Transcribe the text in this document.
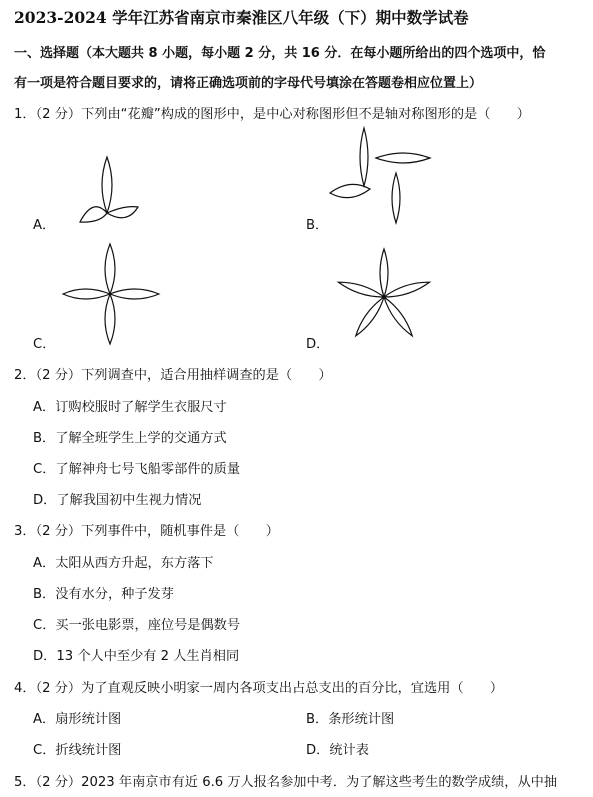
2023-2024 学年江苏省南京市秦淮区八年级（下）期中数学试卷
一、选择题（本大题共 8 小题，每小题 2 分，共 16 分．在每小题所给出的四个选项中，恰
有一项是符合题目要求的，请将正确选项前的字母代号填涂在答题卷相应位置上）
1．（2 分）下列由“花瓣”构成的图形中，是中心对称图形但不是轴对称图形的是（　　）
A．	B．
C．	D．
2．（2 分）下列调查中，适合用抽样调查的是（　　）
A．订购校服时了解学生衣服尺寸
B．了解全班学生上学的交通方式
C．了解神舟七号飞船零部件的质量
D．了解我国初中生视力情况
3．（2 分）下列事件中，随机事件是（　　）
A．太阳从西方升起，东方落下
B．没有水分，种子发芽
C．买一张电影票，座位号是偶数号
D．13 个人中至少有 2 人生肖相同
4．（2 分）为了直观反映小明家一周内各项支出占总支出的百分比，宜选用（　　）
A．扇形统计图	B．条形统计图
C．折线统计图	D．统计表
5．（2 分）2023 年南京市有近 6.6 万人报名参加中考．为了解这些考生的数学成绩，从中抽
